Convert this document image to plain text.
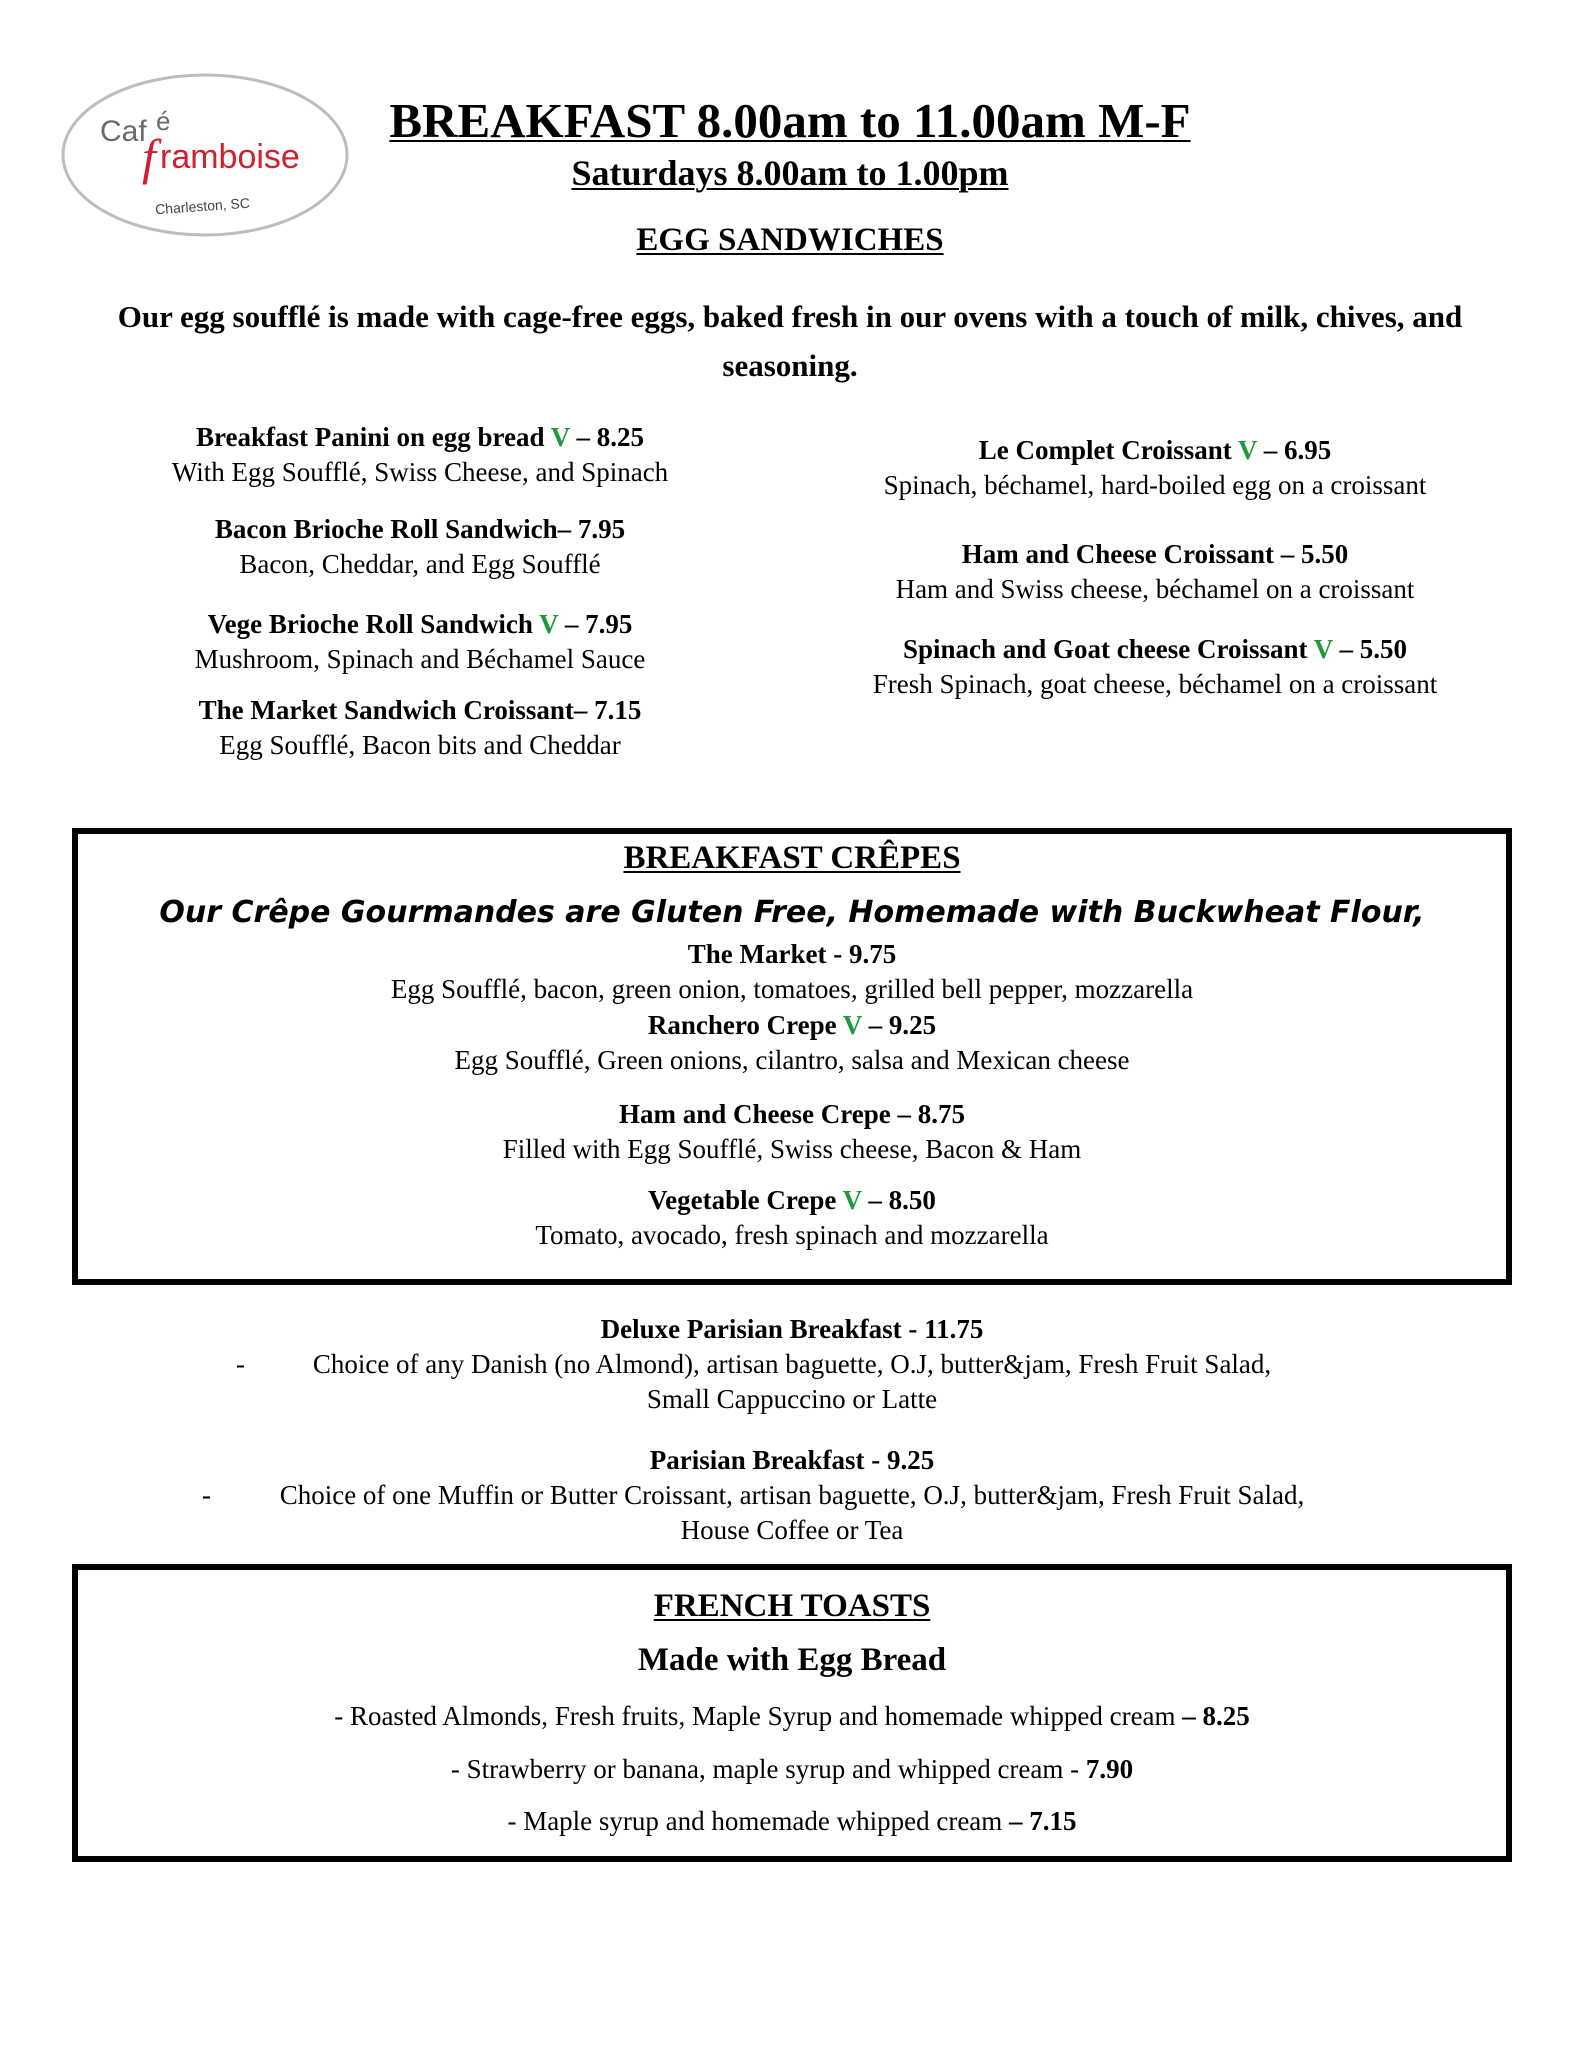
Caf é
f ramboise
Charleston, SC
BREAKFAST 8.00am to 11.00am M-F
Saturdays 8.00am to 1.00pm
EGG SANDWICHES
Our egg soufflé is made with cage-free eggs, baked fresh in our ovens with a touch of milk, chives, and seasoning.
Breakfast Panini on egg bread V – 8.25
With Egg Soufflé, Swiss Cheese, and Spinach
Bacon Brioche Roll Sandwich– 7.95
Bacon, Cheddar, and Egg Soufflé
Vege Brioche Roll Sandwich V – 7.95
Mushroom, Spinach and Béchamel Sauce
The Market Sandwich Croissant– 7.15
Egg Soufflé, Bacon bits and Cheddar
Le Complet Croissant V – 6.95
Spinach, béchamel, hard-boiled egg on a croissant
Ham and Cheese Croissant – 5.50
Ham and Swiss cheese, béchamel on a croissant
Spinach and Goat cheese Croissant V – 5.50
Fresh Spinach, goat cheese, béchamel on a croissant
BREAKFAST CRÊPES
Our Crêpe Gourmandes are Gluten Free, Homemade with Buckwheat Flour,
The Market - 9.75
Egg Soufflé, bacon, green onion, tomatoes, grilled bell pepper, mozzarella
Ranchero Crepe V – 9.25
Egg Soufflé, Green onions, cilantro, salsa and Mexican cheese
Ham and Cheese Crepe – 8.75
Filled with Egg Soufflé, Swiss cheese, Bacon & Ham
Vegetable Crepe V – 8.50
Tomato, avocado, fresh spinach and mozzarella
Deluxe Parisian Breakfast - 11.75
-	Choice of any Danish (no Almond), artisan baguette, O.J, butter&jam, Fresh Fruit Salad,
Small Cappuccino or Latte
Parisian Breakfast - 9.25
-	Choice of one Muffin or Butter Croissant, artisan baguette, O.J, butter&jam, Fresh Fruit Salad,
House Coffee or Tea
FRENCH TOASTS
Made with Egg Bread
- Roasted Almonds, Fresh fruits, Maple Syrup and homemade whipped cream – 8.25
- Strawberry or banana, maple syrup and whipped cream - 7.90
- Maple syrup and homemade whipped cream – 7.15
